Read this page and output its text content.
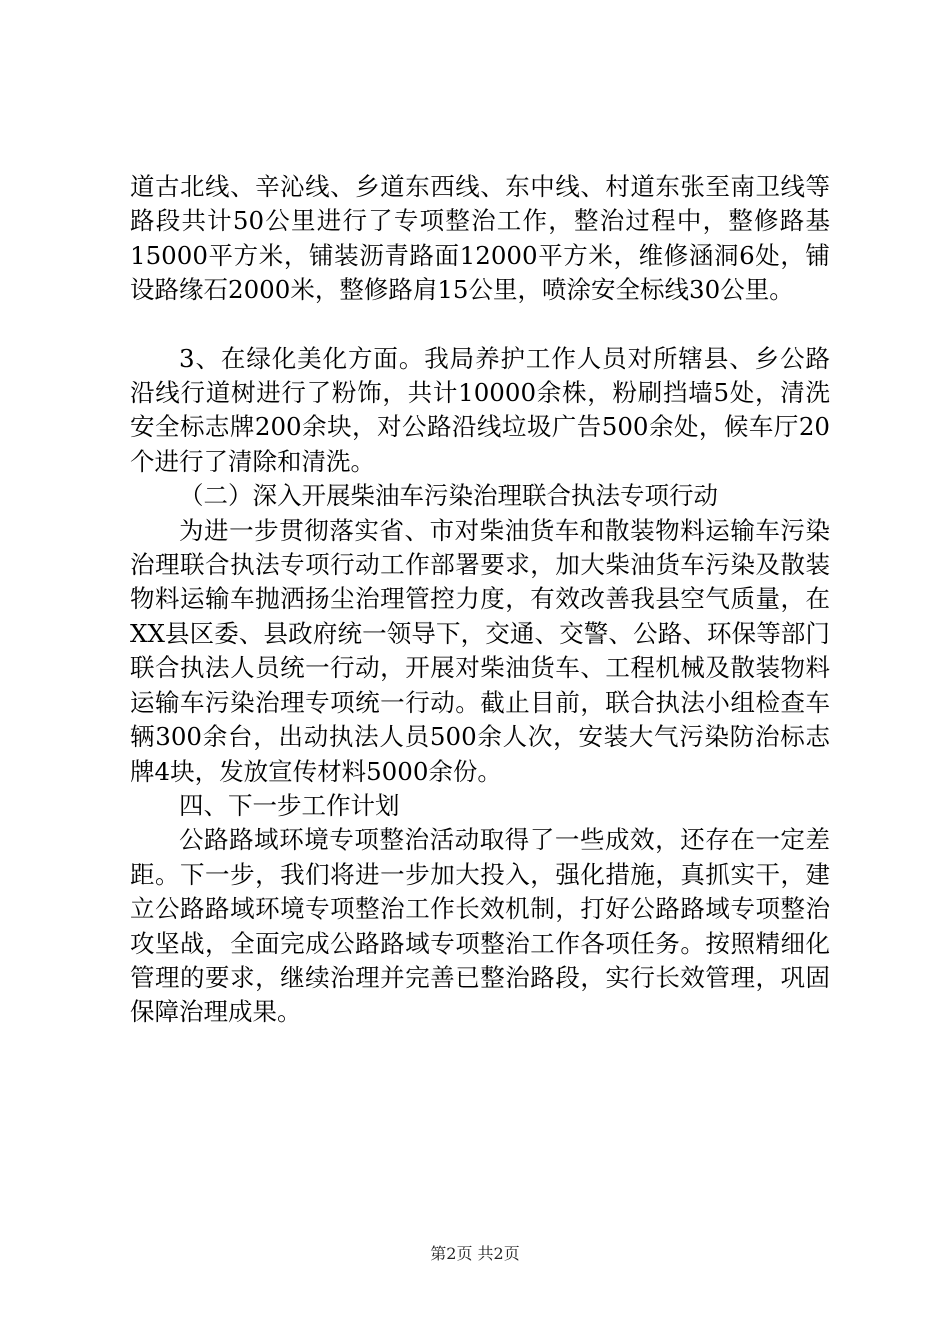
道古北线、辛沁线、乡道东西线、东中线、村道东张至南卫线等路段共计50公里进行了专项整治工作，整治过程中，整修路基15000平方米，铺装沥青路面12000平方米，维修涵洞6处，铺设路缘石2000米，整修路肩15公里，喷涂安全标线30公里。

3、在绿化美化方面。我局养护工作人员对所辖县、乡公路沿线行道树进行了粉饰，共计10000余株，粉刷挡墙5处，清洗安全标志牌200余块，对公路沿线垃圾广告500余处，候车厅20个进行了清除和清洗。

（二）深入开展柴油车污染治理联合执法专项行动

为进一步贯彻落实省、市对柴油货车和散装物料运输车污染治理联合执法专项行动工作部署要求，加大柴油货车污染及散装物料运输车抛洒扬尘治理管控力度，有效改善我县空气质量，在XX县区委、县政府统一领导下，交通、交警、公路、环保等部门联合执法人员统一行动，开展对柴油货车、工程机械及散装物料运输车污染治理专项统一行动。截止目前，联合执法小组检查车辆300余台，出动执法人员500余人次，安装大气污染防治标志牌4块，发放宣传材料5000余份。

四、下一步工作计划

公路路域环境专项整治活动取得了一些成效，还存在一定差距。下一步，我们将进一步加大投入，强化措施，真抓实干，建立公路路域环境专项整治工作长效机制，打好公路路域专项整治攻坚战，全面完成公路路域专项整治工作各项任务。按照精细化管理的要求，继续治理并完善已整治路段，实行长效管理，巩固保障治理成果。

第2页 共2页
